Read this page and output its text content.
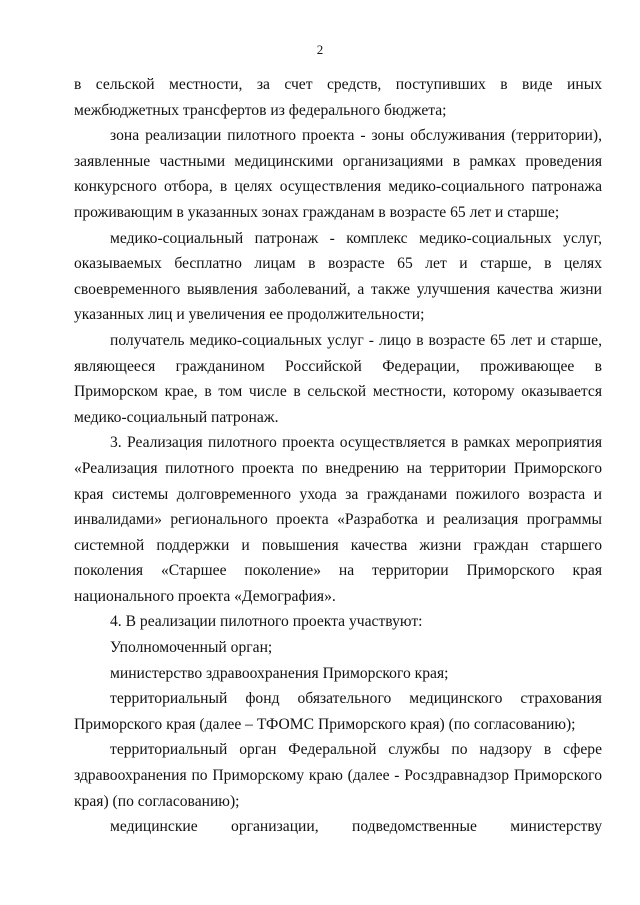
2

в сельской местности, за счет средств, поступивших в виде иных межбюджетных трансфертов из федерального бюджета;

зона реализации пилотного проекта - зоны обслуживания (территории), заявленные частными медицинскими организациями в рамках проведения конкурсного отбора, в целях осуществления медико-социального патронажа проживающим в указанных зонах гражданам в возрасте 65 лет и старше;

медико-социальный патронаж - комплекс медико-социальных услуг, оказываемых бесплатно лицам в возрасте 65 лет и старше, в целях своевременного выявления заболеваний, а также улучшения качества жизни указанных лиц и увеличения ее продолжительности;

получатель медико-социальных услуг - лицо в возрасте 65 лет и старше, являющееся гражданином Российской Федерации, проживающее в Приморском крае, в том числе в сельской местности, которому оказывается медико-социальный патронаж.

3. Реализация пилотного проекта осуществляется в рамках мероприятия «Реализация пилотного проекта по внедрению на территории Приморского края системы долговременного ухода за гражданами пожилого возраста и инвалидами» регионального проекта «Разработка и реализация программы системной поддержки и повышения качества жизни граждан старшего поколения «Старшее поколение» на территории Приморского края национального проекта «Демография».

4. В реализации пилотного проекта участвуют:

Уполномоченный орган;

министерство здравоохранения Приморского края;

территориальный фонд обязательного медицинского страхования Приморского края (далее – ТФОМС Приморского края) (по согласованию);

территориальный орган Федеральной службы по надзору в сфере здравоохранения по Приморскому краю (далее - Росздравнадзор Приморского края) (по согласованию);

медицинские организации, подведомственные министерству
